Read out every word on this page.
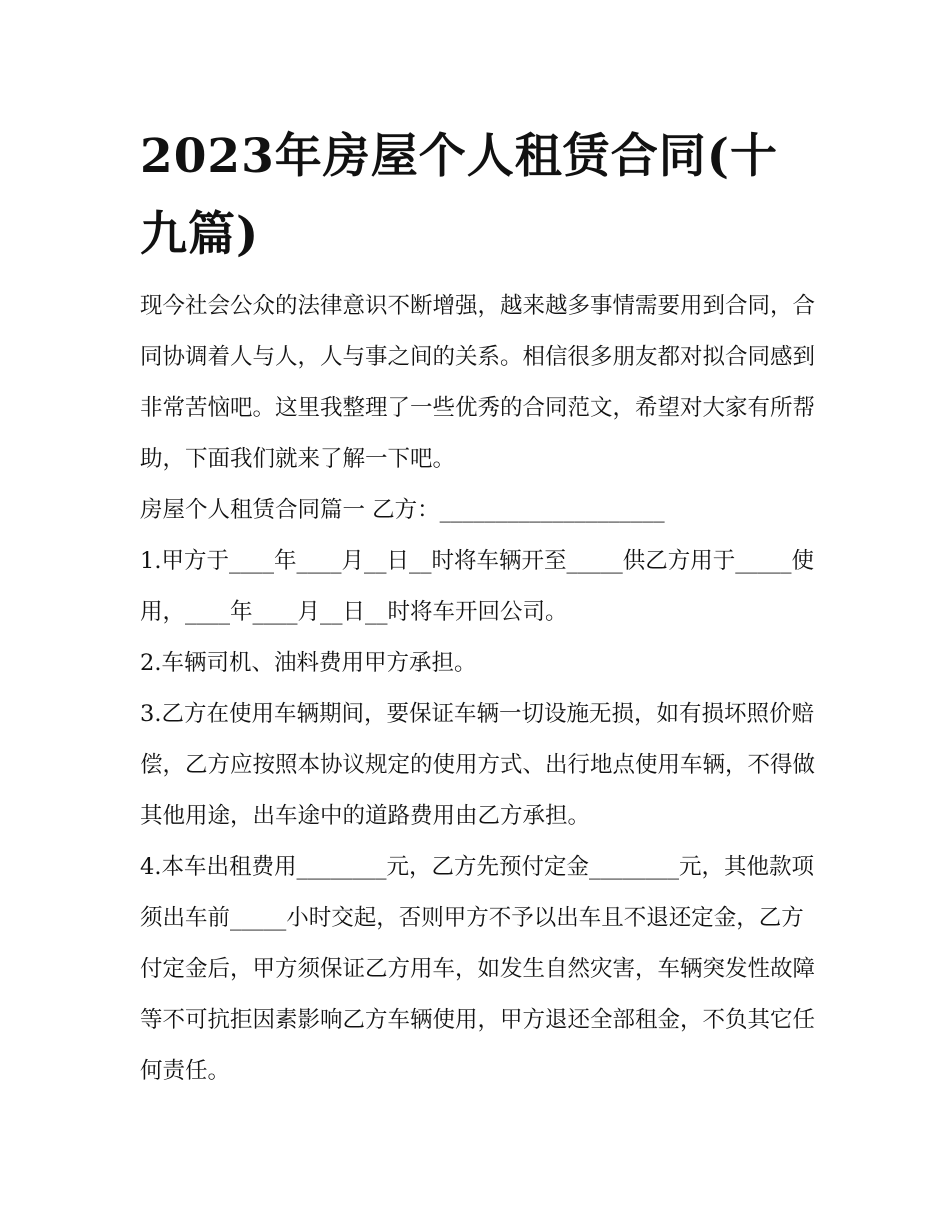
2023年房屋个人租赁合同(十九篇)

现今社会公众的法律意识不断增强，越来越多事情需要用到合同，合同协调着人与人，人与事之间的关系。相信很多朋友都对拟合同感到非常苦恼吧。这里我整理了一些优秀的合同范文，希望对大家有所帮助，下面我们就来了解一下吧。

房屋个人租赁合同篇一 乙方：____________________

1.甲方于____年____月__日__时将车辆开至_____供乙方用于_____使用，____年____月__日__时将车开回公司。

2.车辆司机、油料费用甲方承担。

3.乙方在使用车辆期间，要保证车辆一切设施无损，如有损坏照价赔偿，乙方应按照本协议规定的使用方式、出行地点使用车辆，不得做其他用途，出车途中的道路费用由乙方承担。

4.本车出租费用________元，乙方先预付定金________元，其他款项须出车前_____小时交起，否则甲方不予以出车且不退还定金，乙方付定金后，甲方须保证乙方用车，如发生自然灾害，车辆突发性故障等不可抗拒因素影响乙方车辆使用，甲方退还全部租金，不负其它任何责任。
